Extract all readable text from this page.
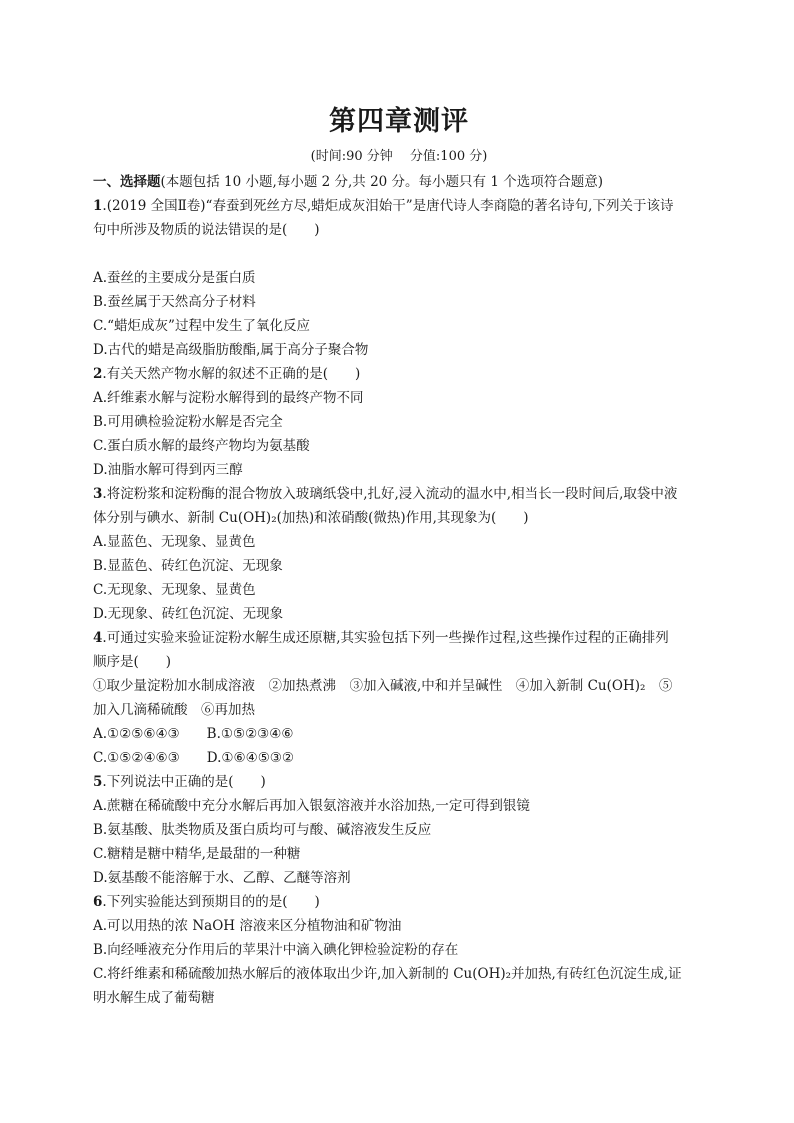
第四章测评
(时间:90 分钟　 分值:100 分)
一、选择题(本题包括 10 小题,每小题 2 分,共 20 分。每小题只有 1 个选项符合题意)
1.(2019 全国Ⅱ卷)“春蚕到死丝方尽,蜡炬成灰泪始干”是唐代诗人李商隐的著名诗句,下列关于该诗
句中所涉及物质的说法错误的是(　　)
A.蚕丝的主要成分是蛋白质
B.蚕丝属于天然高分子材料
C.“蜡炬成灰”过程中发生了氧化反应
D.古代的蜡是高级脂肪酸酯,属于高分子聚合物
2.有关天然产物水解的叙述不正确的是(　　)
A.纤维素水解与淀粉水解得到的最终产物不同
B.可用碘检验淀粉水解是否完全
C.蛋白质水解的最终产物均为氨基酸
D.油脂水解可得到丙三醇
3.将淀粉浆和淀粉酶的混合物放入玻璃纸袋中,扎好,浸入流动的温水中,相当长一段时间后,取袋中液
体分别与碘水、新制 Cu(OH)₂(加热)和浓硝酸(微热)作用,其现象为(　　)
A.显蓝色、无现象、显黄色
B.显蓝色、砖红色沉淀、无现象
C.无现象、无现象、显黄色
D.无现象、砖红色沉淀、无现象
4.可通过实验来验证淀粉水解生成还原糖,其实验包括下列一些操作过程,这些操作过程的正确排列
顺序是(　　)
①取少量淀粉加水制成溶液　②加热煮沸　③加入碱液,中和并呈碱性　④加入新制 Cu(OH)₂　⑤
加入几滴稀硫酸　⑥再加热
A.①②⑤⑥④③　　B.①⑤②③④⑥
C.①⑤②④⑥③　　D.①⑥④⑤③②
5.下列说法中正确的是(　　)
A.蔗糖在稀硫酸中充分水解后再加入银氨溶液并水浴加热,一定可得到银镜
B.氨基酸、肽类物质及蛋白质均可与酸、碱溶液发生反应
C.糖精是糖中精华,是最甜的一种糖
D.氨基酸不能溶解于水、乙醇、乙醚等溶剂
6.下列实验能达到预期目的的是(　　)
A.可以用热的浓 NaOH 溶液来区分植物油和矿物油
B.向经唾液充分作用后的苹果汁中滴入碘化钾检验淀粉的存在
C.将纤维素和稀硫酸加热水解后的液体取出少许,加入新制的 Cu(OH)₂并加热,有砖红色沉淀生成,证
明水解生成了葡萄糖
